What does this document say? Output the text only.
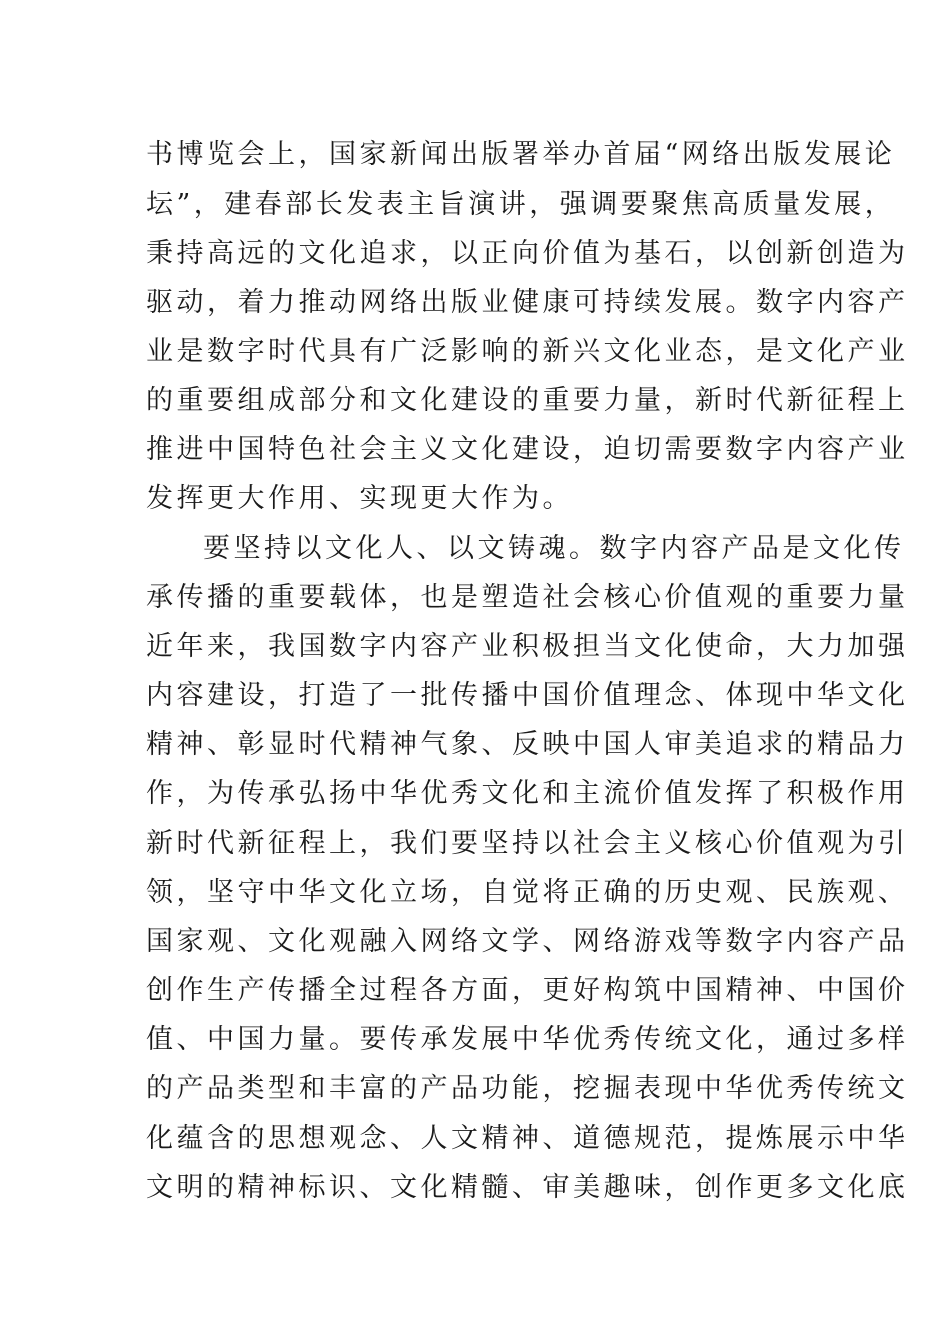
书博览会上，国家新闻出版署举办首届“网络出版发展论
坛”，建春部长发表主旨演讲，强调要聚焦高质量发展，
秉持高远的文化追求，以正向价值为基石，以创新创造为
驱动，着力推动网络出版业健康可持续发展。数字内容产
业是数字时代具有广泛影响的新兴文化业态，是文化产业
的重要组成部分和文化建设的重要力量，新时代新征程上
推进中国特色社会主义文化建设，迫切需要数字内容产业
发挥更大作用、实现更大作为。
要坚持以文化人、以文铸魂。数字内容产品是文化传
承传播的重要载体，也是塑造社会核心价值观的重要力量
近年来，我国数字内容产业积极担当文化使命，大力加强
内容建设，打造了一批传播中国价值理念、体现中华文化
精神、彰显时代精神气象、反映中国人审美追求的精品力
作，为传承弘扬中华优秀文化和主流价值发挥了积极作用
新时代新征程上，我们要坚持以社会主义核心价值观为引
领，坚守中华文化立场，自觉将正确的历史观、民族观、
国家观、文化观融入网络文学、网络游戏等数字内容产品
创作生产传播全过程各方面，更好构筑中国精神、中国价
值、中国力量。要传承发展中华优秀传统文化，通过多样
的产品类型和丰富的产品功能，挖掘表现中华优秀传统文
化蕴含的思想观念、人文精神、道德规范，提炼展示中华
文明的精神标识、文化精髓、审美趣味，创作更多文化底
